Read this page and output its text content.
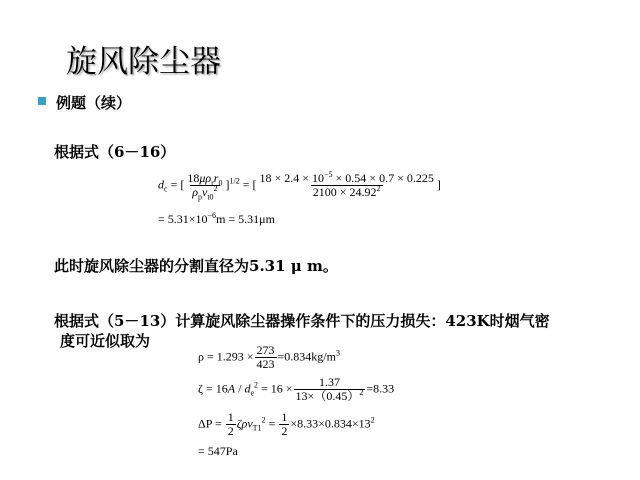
旋风除尘器
例题（续）
根据式（6－16）
$d_c$ = [ $\frac{18\mu\rho_rr_0}{\rho_pv_{t0}^2} ]^{1/2}$ = [ $\frac{18 \times 2.4 \times 10^{-5} \times 0.54 \times 0.7 \times 0.225}{2100 \times 24.92^2}$ ]
= $5.31\times 10^{-6}m = 5.31\mu m$
此时旋风除尘器的分割直径为5.31 μ m。
根据式（5－13）计算旋风除尘器操作条件下的压力损失：423K时烟气密
度可近似取为
$\rho = 1.293 \times \frac{273}{423} =0.834kg/m^3$
$\zeta = 16A / d_e^2 = 16 \times \frac{1.37}{13\times(0.45)^2} =8.33$
$\Delta P = \frac{1}{2} \zeta\rho v_{T1}^2 = \frac{1}{2} \times 8.33\times 0.834\times 13^2$
= 547Pa
